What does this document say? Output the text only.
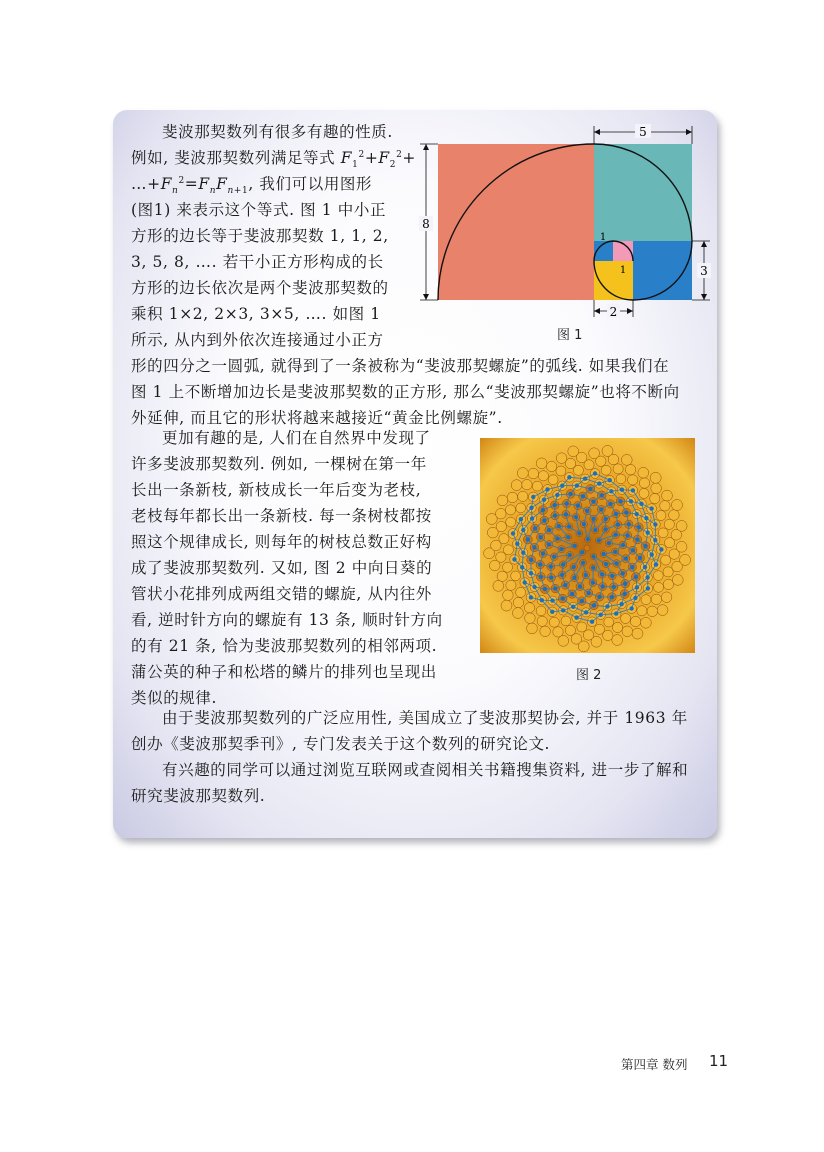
斐波那契数列有很多有趣的性质.
例如, 斐波那契数列满足等式 $F_1^2+F_2^2+$
$\dots+F_n^2=F_nF_{n+1}$, 我们可以用图形
(图1) 来表示这个等式. 图 1 中小正
方形的边长等于斐波那契数 1, 1, 2,
3, 5, 8, …. 若干小正方形构成的长
方形的边长依次是两个斐波那契数的
乘积 1×2, 2×3, 3×5, …. 如图 1
所示, 从内到外依次连接通过小正方
形的四分之一圆弧, 就得到了一条被称为“斐波那契螺旋”的弧线. 如果我们在
图 1 上不断增加边长是斐波那契数的正方形, 那么“斐波那契螺旋”也将不断向
外延伸, 而且它的形状将越来越接近“黄金比例螺旋”.
5
8
3
2
1
1
图 1
更加有趣的是, 人们在自然界中发现了
许多斐波那契数列. 例如, 一棵树在第一年
长出一条新枝, 新枝成长一年后变为老枝,
老枝每年都长出一条新枝. 每一条树枝都按
照这个规律成长, 则每年的树枝总数正好构
成了斐波那契数列. 又如, 图 2 中向日葵的
管状小花排列成两组交错的螺旋, 从内往外
看, 逆时针方向的螺旋有 13 条, 顺时针方向
的有 21 条, 恰为斐波那契数列的相邻两项.
蒲公英的种子和松塔的鳞片的排列也呈现出
类似的规律.
图 2
由于斐波那契数列的广泛应用性, 美国成立了斐波那契协会, 并于 1963 年
创办《斐波那契季刊》, 专门发表关于这个数列的研究论文.
有兴趣的同学可以通过浏览互联网或查阅相关书籍搜集资料, 进一步了解和
研究斐波那契数列.
第四章 数列 11
